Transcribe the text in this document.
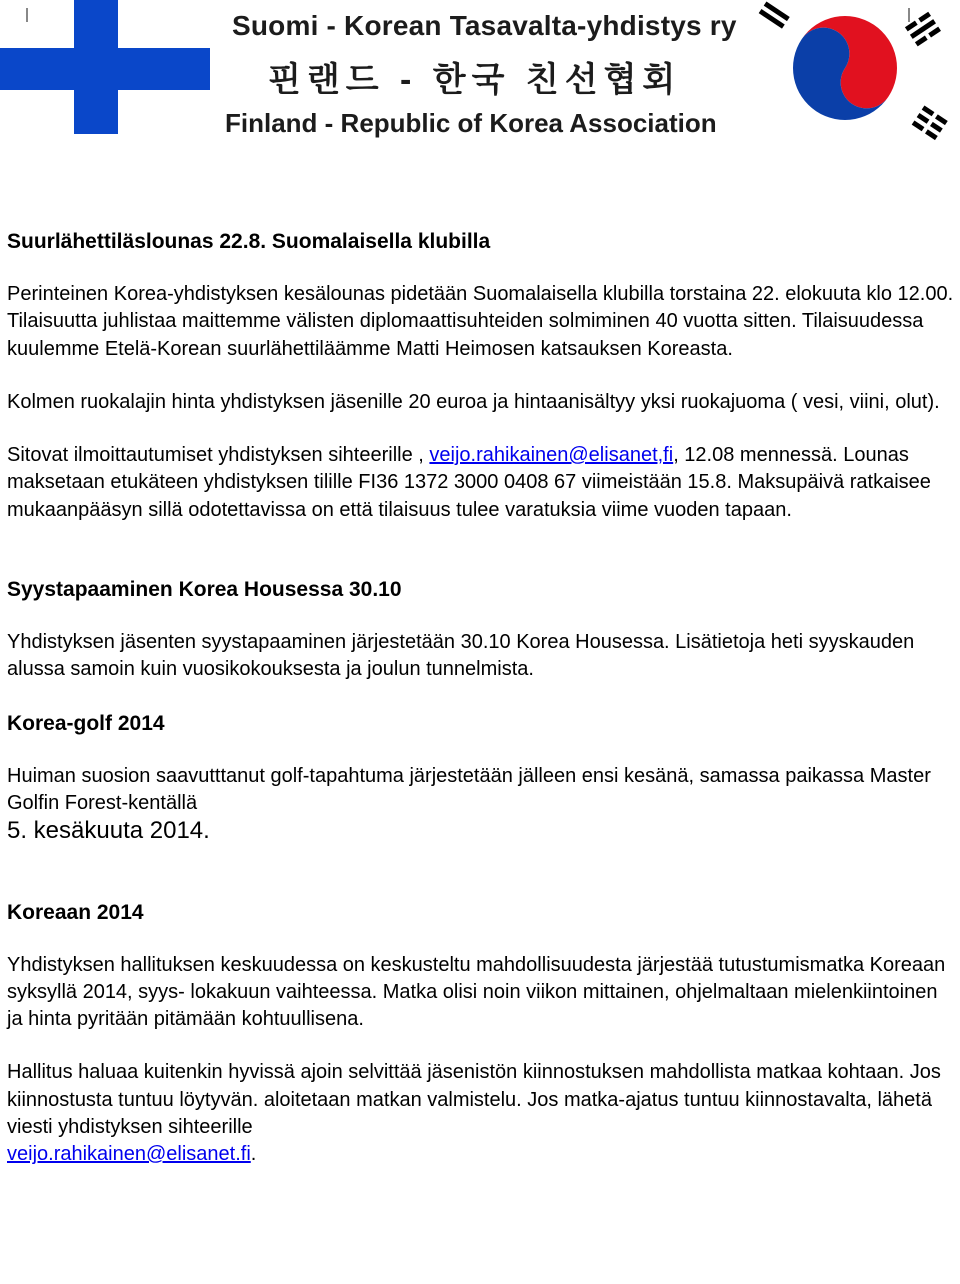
Suomi - Korean Tasavalta-yhdistys ry
핀랜드 - 한국 친선협회
Finland - Republic of Korea Association
Suurlähettiläslounas 22.8. Suomalaisella klubilla

Perinteinen Korea-yhdistyksen kesälounas pidetään Suomalaisella klubilla torstaina 22. elokuuta klo 12.00. Tilaisuutta juhlistaa maittemme välisten diplomaattisuhteiden solmiminen 40 vuotta sitten. Tilaisuudessa kuulemme Etelä-Korean suurlähettiläämme Matti Heimosen katsauksen Koreasta.

Kolmen ruokalajin hinta yhdistyksen jäsenille 20 euroa ja hintaanisältyy yksi ruokajuoma ( vesi, viini, olut).

Sitovat ilmoittautumiset yhdistyksen sihteerille , veijo.rahikainen@elisanet,fi, 12.08 mennessä. Lounas maksetaan etukäteen yhdistyksen tilille FI36 1372 3000 0408 67 viimeistään 15.8. Maksupäivä ratkaisee mukaanpääsyn sillä odotettavissa on että tilaisuus tulee varatuksia viime vuoden tapaan.

Syystapaaminen Korea Housessa 30.10

Yhdistyksen jäsenten syystapaaminen järjestetään 30.10 Korea Housessa. Lisätietoja heti syyskauden alussa samoin kuin vuosikokouksesta ja joulun tunnelmista.

Korea-golf 2014

Huiman suosion saavutttanut golf-tapahtuma järjestetään jälleen ensi kesänä, samassa paikassa Master Golfin Forest-kentällä
5. kesäkuuta 2014.

Koreaan 2014

Yhdistyksen hallituksen keskuudessa on keskusteltu mahdollisuudesta järjestää tutustumismatka Koreaan syksyllä 2014, syys- lokakuun vaihteessa. Matka olisi noin viikon mittainen, ohjelmaltaan mielenkiintoinen ja hinta pyritään pitämään kohtuullisena.

Hallitus haluaa kuitenkin hyvissä ajoin selvittää jäsenistön kiinnostuksen mahdollista matkaa kohtaan. Jos kiinnostusta tuntuu löytyvän. aloitetaan matkan valmistelu. Jos matka-ajatus tuntuu kiinnostavalta, lähetä viesti yhdistyksen sihteerille
veijo.rahikainen@elisanet.fi.
